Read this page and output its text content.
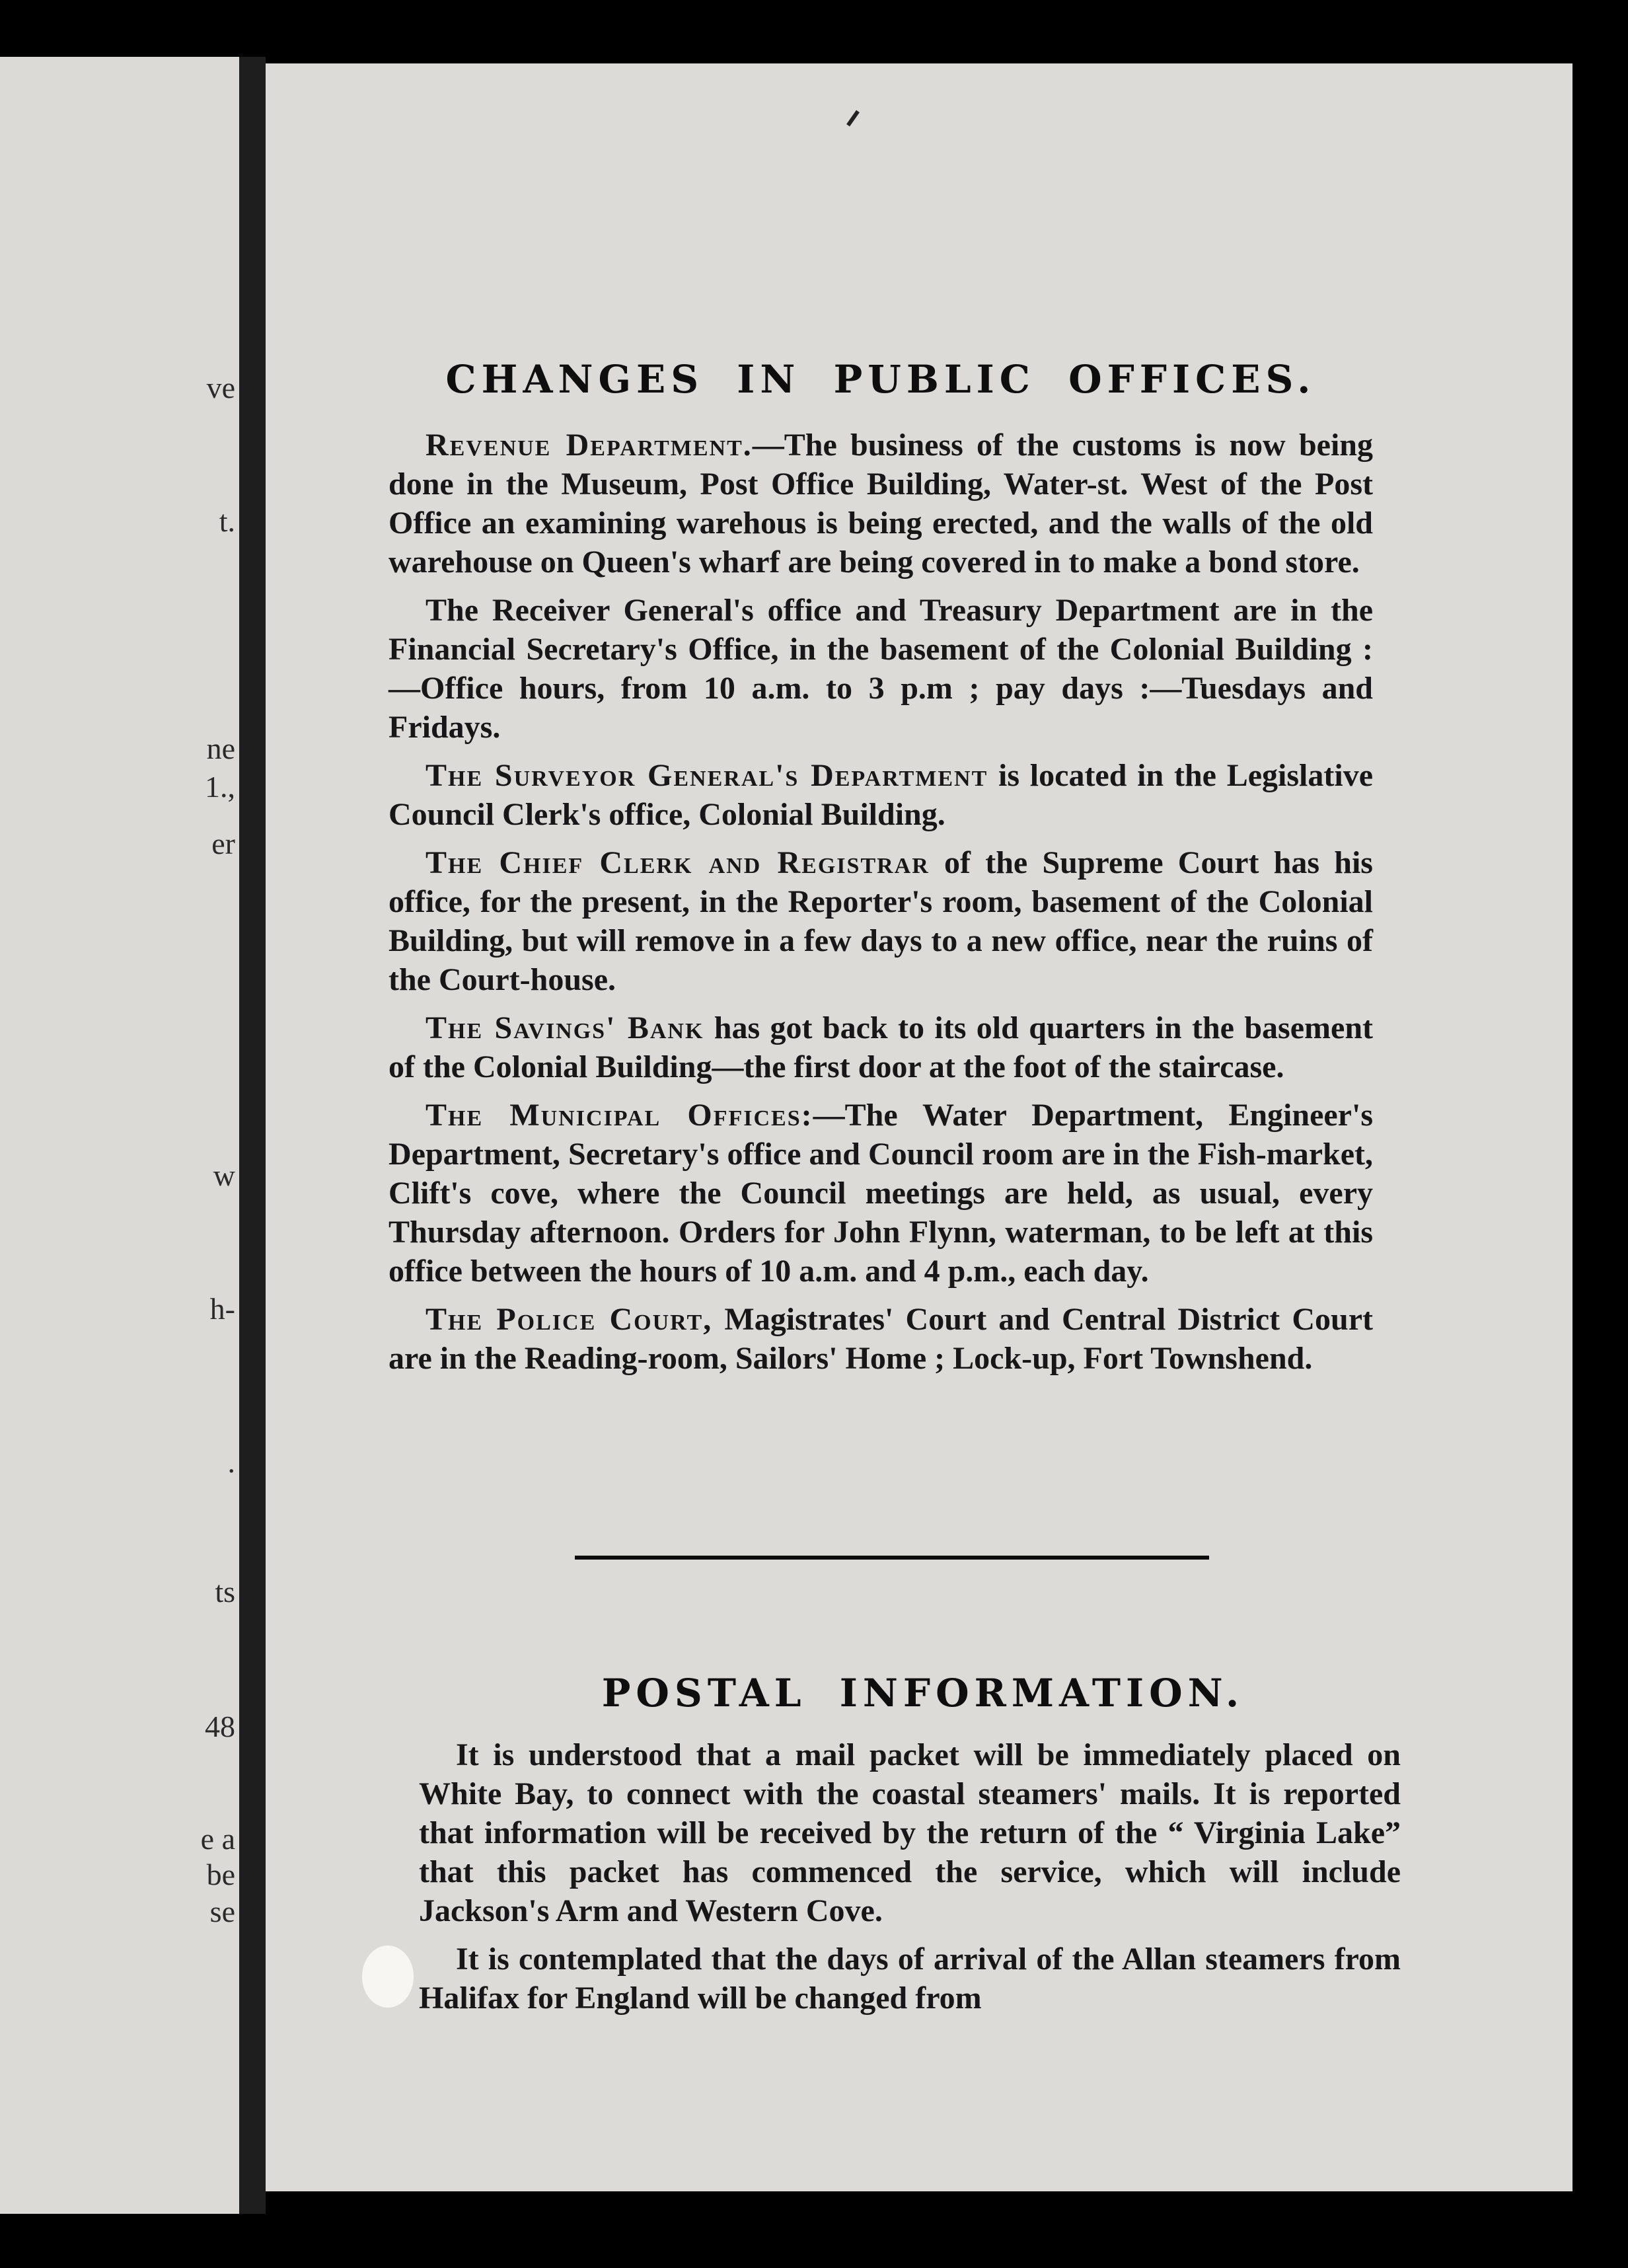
ve
t.
ne
1.,
er
w
h-
.
ts
48
e a
be
se
CHANGES IN PUBLIC OFFICES.

Revenue Department.—The business of the customs is now being done in the Museum, Post Office Building, Water-st. West of the Post Office an examining warehous is being erected, and the walls of the old warehouse on Queen's wharf are being covered in to make a bond store.

The Receiver General's office and Treasury Department are in the Financial Secretary's Office, in the basement of the Colonial Building :—Office hours, from 10 a.m. to 3 p.m ; pay days :—Tuesdays and Fridays.

The Surveyor General's Department is located in the Legislative Council Clerk's office, Colonial Building.

The Chief Clerk and Registrar of the Supreme Court has his office, for the present, in the Reporter's room, basement of the Colonial Building, but will remove in a few days to a new office, near the ruins of the Court-house.

The Savings' Bank has got back to its old quarters in the basement of the Colonial Building—the first door at the foot of the staircase.

The Municipal Offices:—The Water Department, Engineer's Department, Secretary's office and Council room are in the Fish-market, Clift's cove, where the Council meetings are held, as usual, every Thursday afternoon. Orders for John Flynn, waterman, to be left at this office between the hours of 10 a.m. and 4 p.m., each day.

The Police Court, Magistrates' Court and Central District Court are in the Reading-room, Sailors' Home ; Lock-up, Fort Townshend.

POSTAL INFORMATION.

It is understood that a mail packet will be immediately placed on White Bay, to connect with the coastal steamers' mails. It is reported that information will be received by the return of the “ Virginia Lake” that this packet has commenced the service, which will include Jackson's Arm and Western Cove.

It is contemplated that the days of arrival of the Allan steamers from Halifax for England will be changed from
